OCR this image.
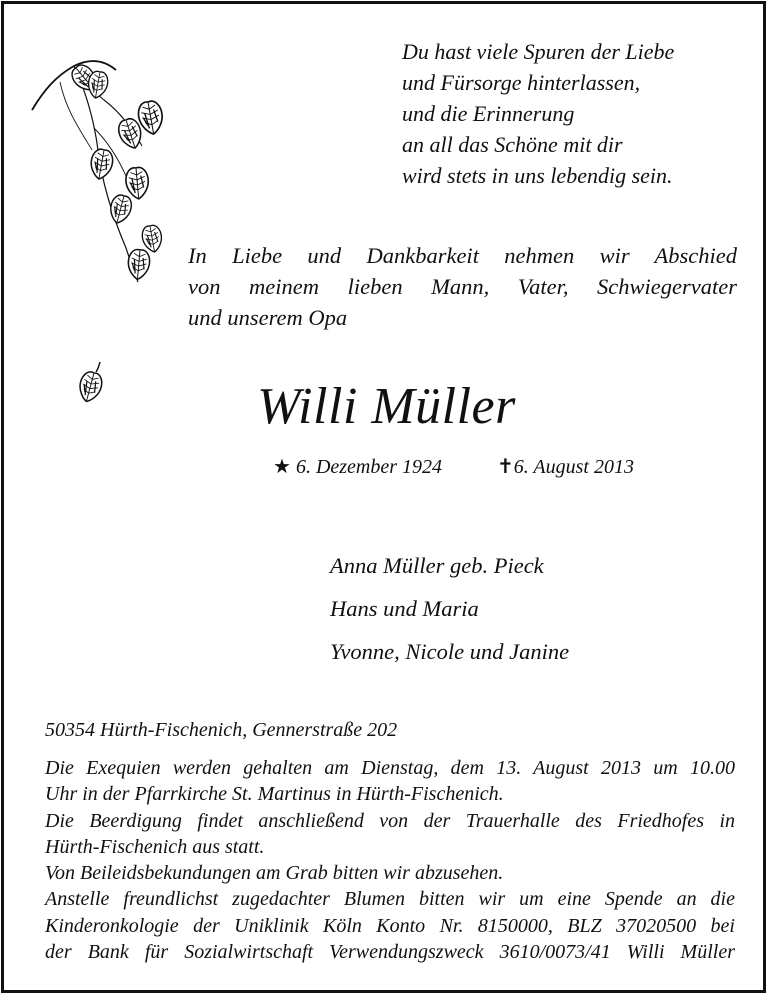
Du hast viele Spuren der Liebe
und Fürsorge hinterlassen,
und die Erinnerung
an all das Schöne mit dir
wird stets in uns lebendig sein.
In Liebe und Dankbarkeit nehmen wir Abschied
von meinem lieben Mann, Vater, Schwiegervater
und unserem Opa
Willi Müller
★ 6. Dezember 1924	✝6. August 2013
Anna Müller geb. Pieck
Hans und Maria
Yvonne, Nicole und Janine
50354 Hürth-Fischenich, Gennerstraße 202
Die Exequien werden gehalten am Dienstag, dem 13. August 2013 um 10.00
Uhr in der Pfarrkirche St. Martinus in Hürth-Fischenich.
Die Beerdigung findet anschließend von der Trauerhalle des Friedhofes in
Hürth-Fischenich aus statt.
Von Beileidsbekundungen am Grab bitten wir abzusehen.
Anstelle freundlichst zugedachter Blumen bitten wir um eine Spende an die
Kinderonkologie der Uniklinik Köln Konto Nr. 8150000, BLZ 37020500 bei
der Bank für Sozialwirtschaft Verwendungszweck 3610/0073/41 Willi Müller
